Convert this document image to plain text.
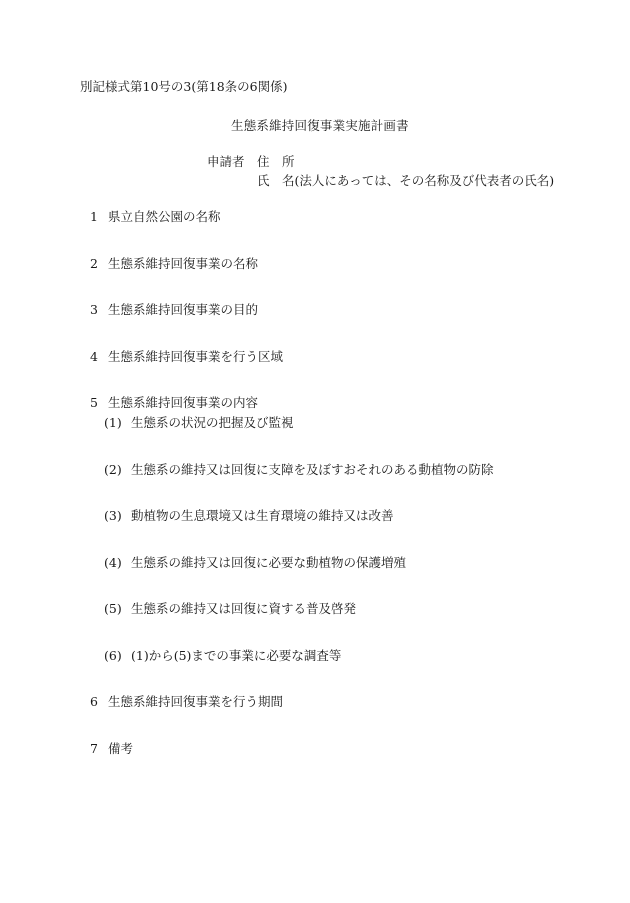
別記様式第10号の3(第18条の6関係)
生態系維持回復事業実施計画書
申請者 住　所
氏　名(法人にあっては、その名称及び代表者の氏名)
1 県立自然公園の名称
2 生態系維持回復事業の名称
3 生態系維持回復事業の目的
4 生態系維持回復事業を行う区域
5 生態系維持回復事業の内容
(1) 生態系の状況の把握及び監視
(2) 生態系の維持又は回復に支障を及ぼすおそれのある動植物の防除
(3) 動植物の生息環境又は生育環境の維持又は改善
(4) 生態系の維持又は回復に必要な動植物の保護増殖
(5) 生態系の維持又は回復に資する普及啓発
(6) (1)から(5)までの事業に必要な調査等
6 生態系維持回復事業を行う期間
7 備考
